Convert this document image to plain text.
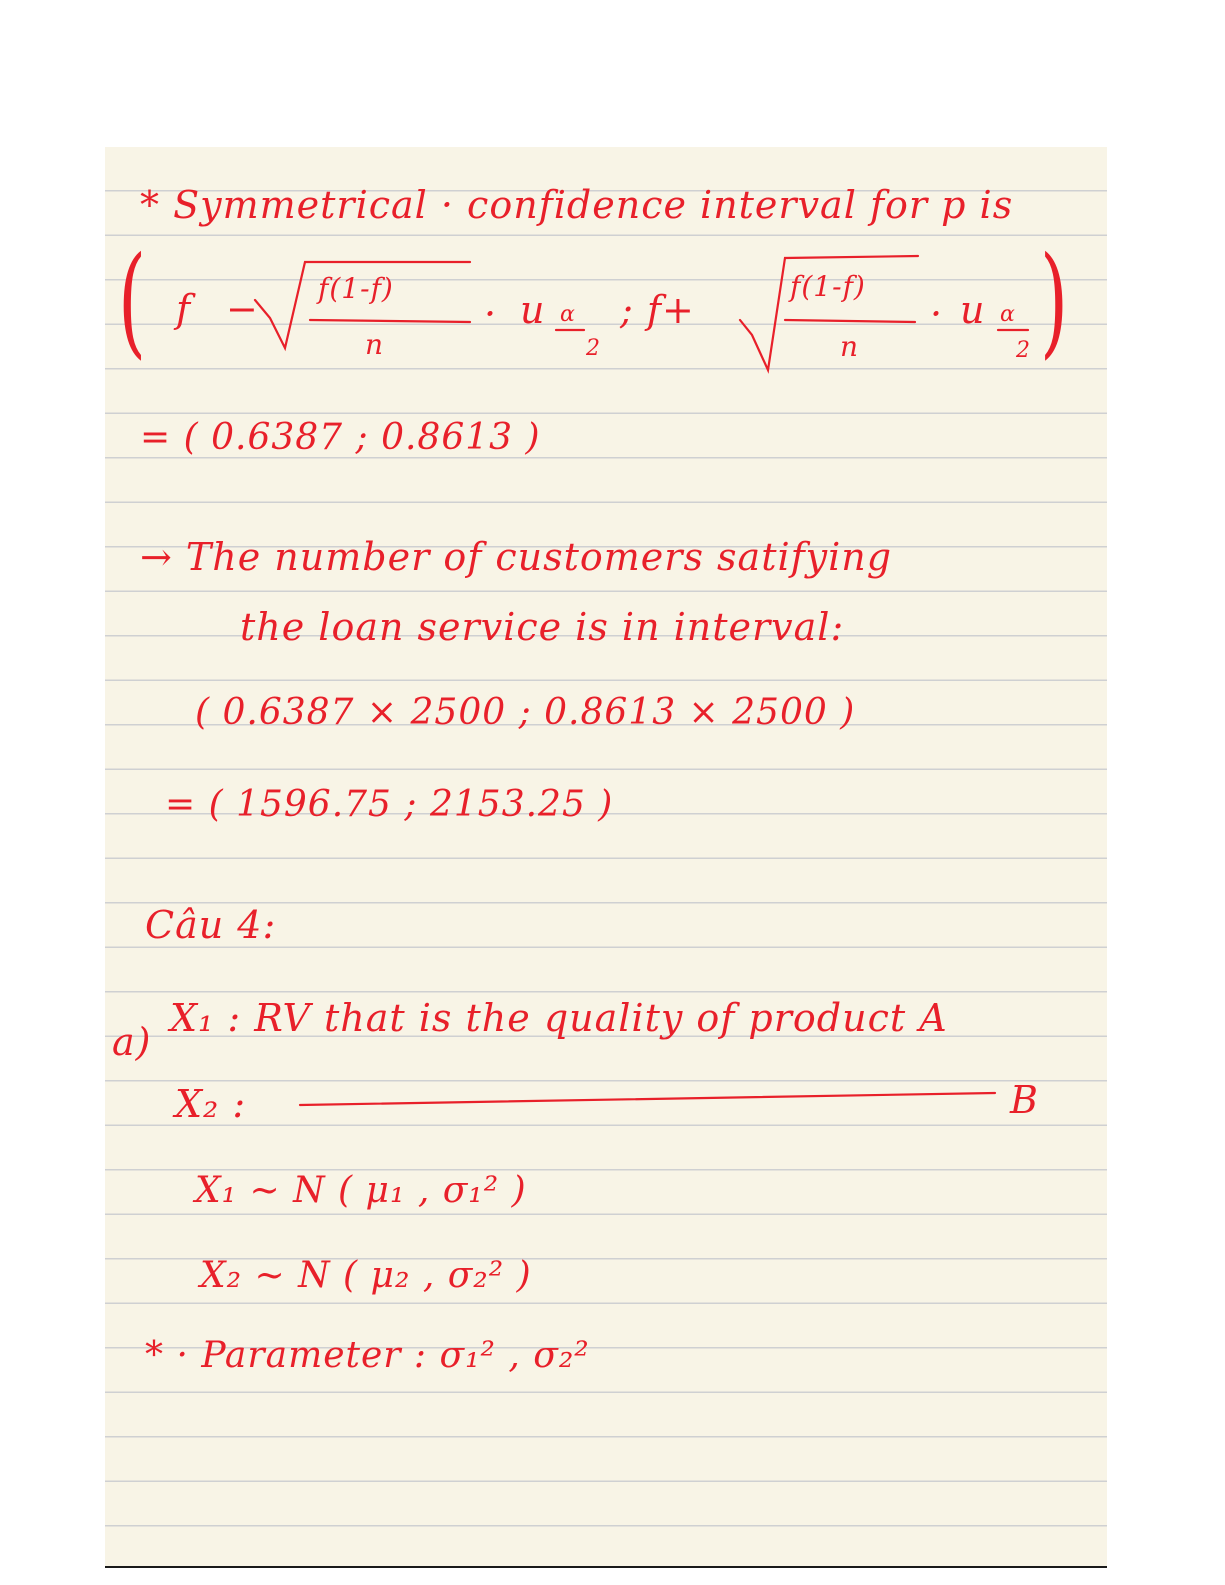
* Symmetrical · confidence interval for p is
( f − f(1-f)
n
· u α
2
; f+
f(1-f)
n
· u α
2 )
= ( 0.6387 ; 0.8613 )
→ The number of customers satifying
the loan service is in interval:
( 0.6387 × 2500 ; 0.8613 × 2500 )
= ( 1596.75 ; 2153.25 )
Câu 4:
a)
X₁ : RV that is the quality of product A
X₂ :	B
X₁ ~ N ( μ₁ , σ₁² )
X₂ ~ N ( μ₂ , σ₂² )
* · Parameter : σ₁² , σ₂²
